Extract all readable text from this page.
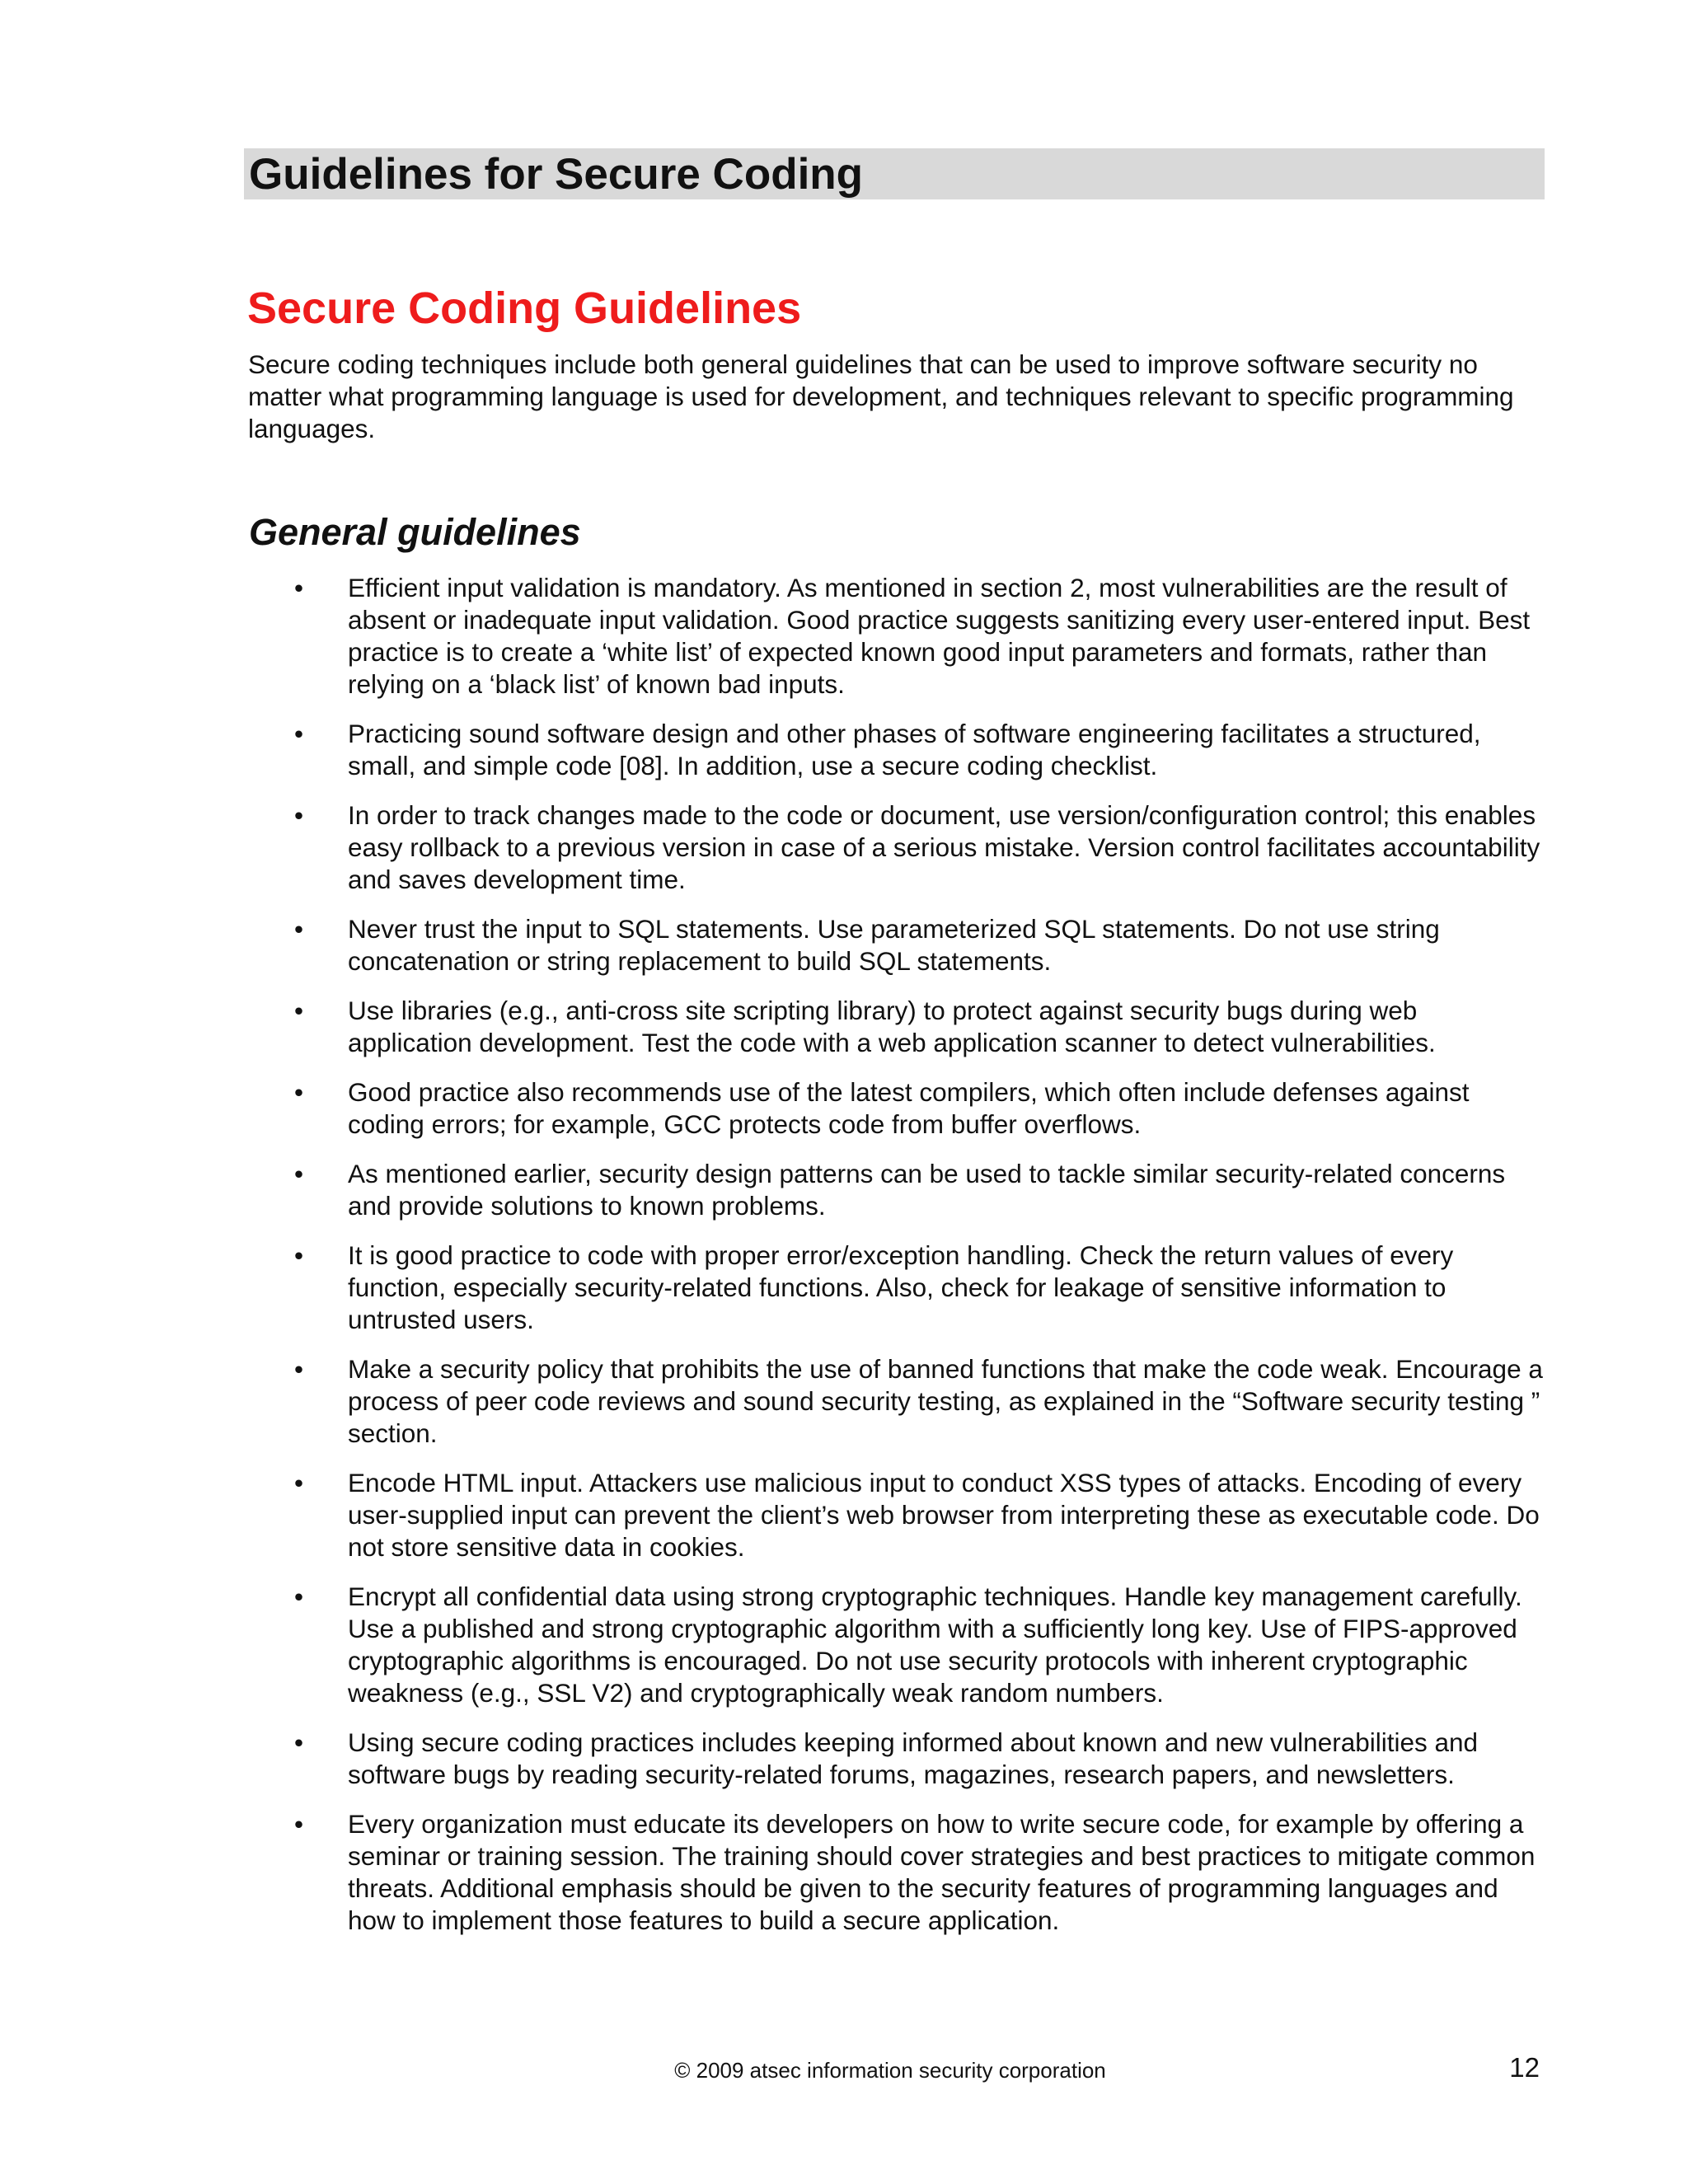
Guidelines for Secure Coding
Secure Coding Guidelines

Secure coding techniques include both general guidelines that can be used to improve software security no matter what programming language is used for development, and techniques relevant to specific programming languages.

General guidelines
• Efficient input validation is mandatory. As mentioned in section 2, most vulnerabilities are the result of absent or inadequate input validation. Good practice suggests sanitizing every user-entered input. Best practice is to create a ‘white list’ of expected known good input parameters and formats, rather than relying on a ‘black list’ of known bad inputs.
• Practicing sound software design and other phases of software engineering facilitates a structured, small, and simple code [08]. In addition, use a secure coding checklist.
• In order to track changes made to the code or document, use version/configuration control; this enables easy rollback to a previous version in case of a serious mistake. Version control facilitates accountability and saves development time.
• Never trust the input to SQL statements. Use parameterized SQL statements. Do not use string concatenation or string replacement to build SQL statements.
• Use libraries (e.g., anti-cross site scripting library) to protect against security bugs during web application development. Test the code with a web application scanner to detect vulnerabilities.
• Good practice also recommends use of the latest compilers, which often include defenses against coding errors; for example, GCC protects code from buffer overflows.
• As mentioned earlier, security design patterns can be used to tackle similar security-related concerns and provide solutions to known problems.
• It is good practice to code with proper error/exception handling. Check the return values of every function, especially security-related functions. Also, check for leakage of sensitive information to untrusted users.
• Make a security policy that prohibits the use of banned functions that make the code weak. Encourage a process of peer code reviews and sound security testing, as explained in the “Software security testing ” section.
• Encode HTML input. Attackers use malicious input to conduct XSS types of attacks. Encoding of every user-supplied input can prevent the client’s web browser from interpreting these as executable code. Do not store sensitive data in cookies.
• Encrypt all confidential data using strong cryptographic techniques. Handle key management carefully. Use a published and strong cryptographic algorithm with a sufficiently long key. Use of FIPS-approved cryptographic algorithms is encouraged. Do not use security protocols with inherent cryptographic weakness (e.g., SSL V2) and cryptographically weak random numbers.
• Using secure coding practices includes keeping informed about known and new vulnerabilities and software bugs by reading security-related forums, magazines, research papers, and newsletters.
• Every organization must educate its developers on how to write secure code, for example by offering a seminar or training session. The training should cover strategies and best practices to mitigate common threats. Additional emphasis should be given to the security features of programming languages and how to implement those features to build a secure application.
© 2009 atsec information security corporation	12
